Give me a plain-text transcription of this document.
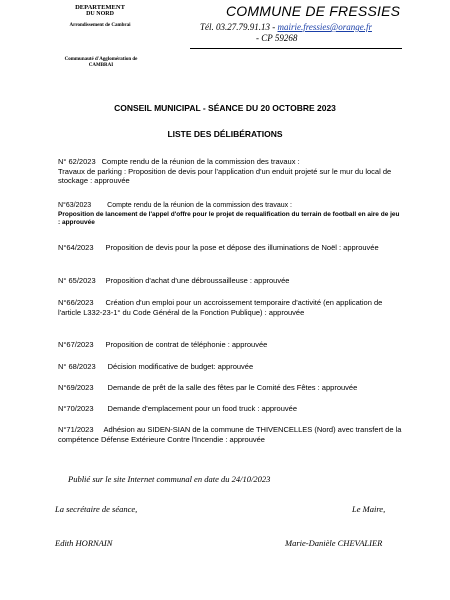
DEPARTEMENT
DU NORD
Arrondissement de Cambrai
Communauté d'Agglomération de
CAMBRAI
COMMUNE DE FRESSIES
Tél. 03.27.79.91.13 - mairie.fressies@orange.fr
- CP 59268
CONSEIL MUNICIPAL - SÉANCE DU 20 OCTOBRE 2023
LISTE DES DÉLIBÉRATIONS
N° 62/2023 Compte rendu de la réunion de la commission des travaux :
Travaux de parking : Proposition de devis pour l'application d'un enduit projeté sur le mur du local de stockage : approuvée
N°63/2023 Compte rendu de la réunion de la commission des travaux :
Proposition de lancement de l'appel d'offre pour le projet de requalification du terrain de football en aire de jeu : approuvée
N°64/2023 Proposition de devis pour la pose et dépose des illuminations de Noël : approuvée
N° 65/2023 Proposition d'achat d'une débroussailleuse : approuvée
N°66/2023 Création d'un emploi pour un accroissement temporaire d'activité (en application de l'article L332-23-1° du Code Général de la Fonction Publique) : approuvée
N°67/2023 Proposition de contrat de téléphonie : approuvée
N° 68/2023 Décision modificative de budget: approuvée
N°69/2023 Demande de prêt de la salle des fêtes par le Comité des Fêtes : approuvée
N°70/2023 Demande d'emplacement pour un food truck : approuvée
N°71/2023 Adhésion au SIDEN-SIAN de la commune de THIVENCELLES (Nord) avec transfert de la compétence Défense Extérieure Contre l'Incendie : approuvée
Publié sur le site Internet communal en date du 24/10/2023
La secrétaire de séance,	Le Maire,
Edith HORNAIN	Marie-Danièle CHEVALIER
